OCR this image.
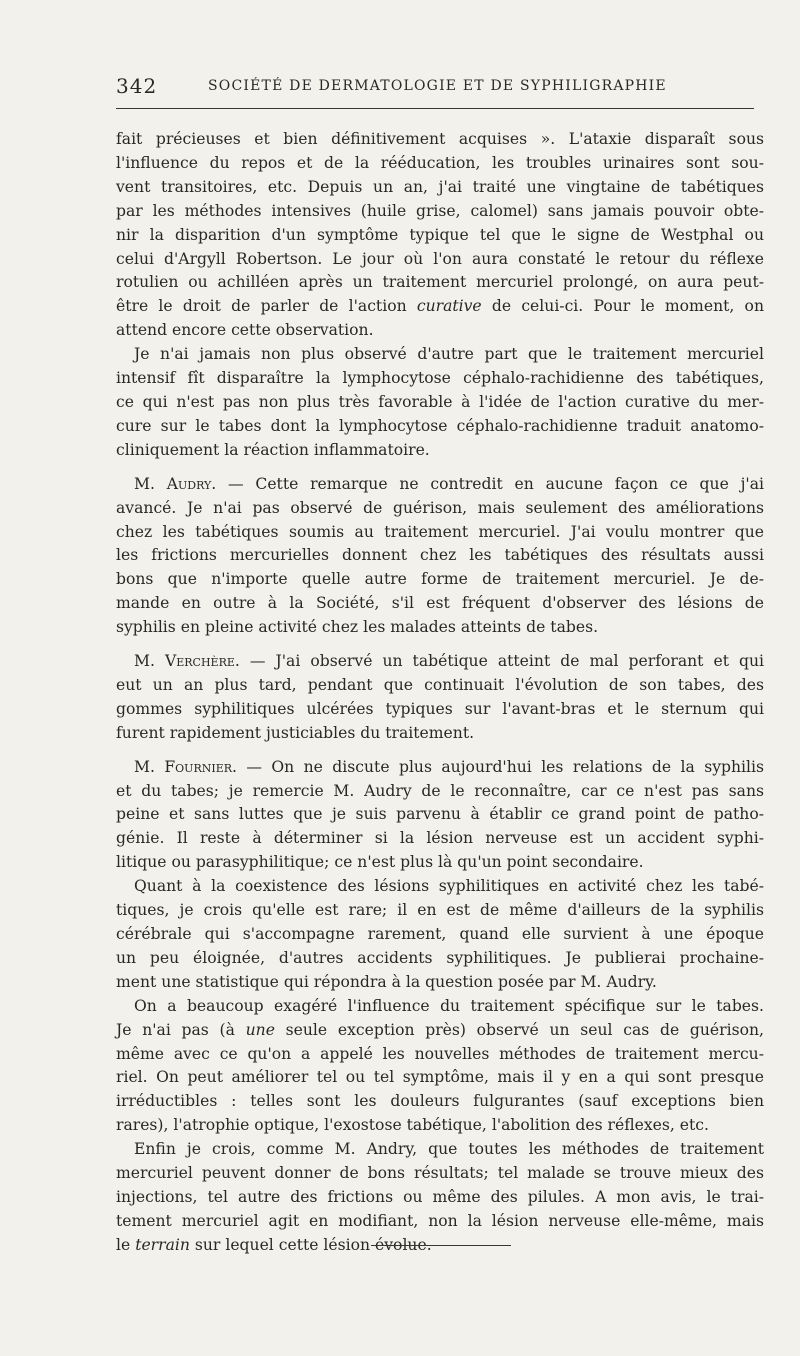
342	SOCIÉTÉ DE DERMATOLOGIE ET DE SYPHILIGRAPHIE
fait précieuses et bien définitivement acquises ». L'ataxie disparaît sous
l'influence du repos et de la rééducation, les troubles urinaires sont sou-
vent transitoires, etc. Depuis un an, j'ai traité une vingtaine de tabétiques
par les méthodes intensives (huile grise, calomel) sans jamais pouvoir obte-
nir la disparition d'un symptôme typique tel que le signe de Westphal ou
celui d'Argyll Robertson. Le jour où l'on aura constaté le retour du réflexe
rotulien ou achilléen après un traitement mercuriel prolongé, on aura peut-
être le droit de parler de l'action curative de celui-ci. Pour le moment, on
attend encore cette observation.
Je n'ai jamais non plus observé d'autre part que le traitement mercuriel
intensif fît disparaître la lymphocytose céphalo-rachidienne des tabétiques,
ce qui n'est pas non plus très favorable à l'idée de l'action curative du mer-
cure sur le tabes dont la lymphocytose céphalo-rachidienne traduit anatomo-
cliniquement la réaction inflammatoire.
M. Audry. — Cette remarque ne contredit en aucune façon ce que j'ai
avancé. Je n'ai pas observé de guérison, mais seulement des améliorations
chez les tabétiques soumis au traitement mercuriel. J'ai voulu montrer que
les frictions mercurielles donnent chez les tabétiques des résultats aussi
bons que n'importe quelle autre forme de traitement mercuriel. Je de-
mande en outre à la Société, s'il est fréquent d'observer des lésions de
syphilis en pleine activité chez les malades atteints de tabes.
M. Verchère. — J'ai observé un tabétique atteint de mal perforant et qui
eut un an plus tard, pendant que continuait l'évolution de son tabes, des
gommes syphilitiques ulcérées typiques sur l'avant-bras et le sternum qui
furent rapidement justiciables du traitement.
M. Fournier. — On ne discute plus aujourd'hui les relations de la syphilis
et du tabes; je remercie M. Audry de le reconnaître, car ce n'est pas sans
peine et sans luttes que je suis parvenu à établir ce grand point de patho-
génie. Il reste à déterminer si la lésion nerveuse est un accident syphi-
litique ou parasyphilitique; ce n'est plus là qu'un point secondaire.
Quant à la coexistence des lésions syphilitiques en activité chez les tabé-
tiques, je crois qu'elle est rare; il en est de même d'ailleurs de la syphilis
cérébrale qui s'accompagne rarement, quand elle survient à une époque
un peu éloignée, d'autres accidents syphilitiques. Je publierai prochaine-
ment une statistique qui répondra à la question posée par M. Audry.
On a beaucoup exagéré l'influence du traitement spécifique sur le tabes.
Je n'ai pas (à une seule exception près) observé un seul cas de guérison,
même avec ce qu'on a appelé les nouvelles méthodes de traitement mercu-
riel. On peut améliorer tel ou tel symptôme, mais il y en a qui sont presque
irréductibles : telles sont les douleurs fulgurantes (sauf exceptions bien
rares), l'atrophie optique, l'exostose tabétique, l'abolition des réflexes, etc.
Enfin je crois, comme M. Andry, que toutes les méthodes de traitement
mercuriel peuvent donner de bons résultats; tel malade se trouve mieux des
injections, tel autre des frictions ou même des pilules. A mon avis, le trai-
tement mercuriel agit en modifiant, non la lésion nerveuse elle-même, mais
le terrain sur lequel cette lésion évolue.
